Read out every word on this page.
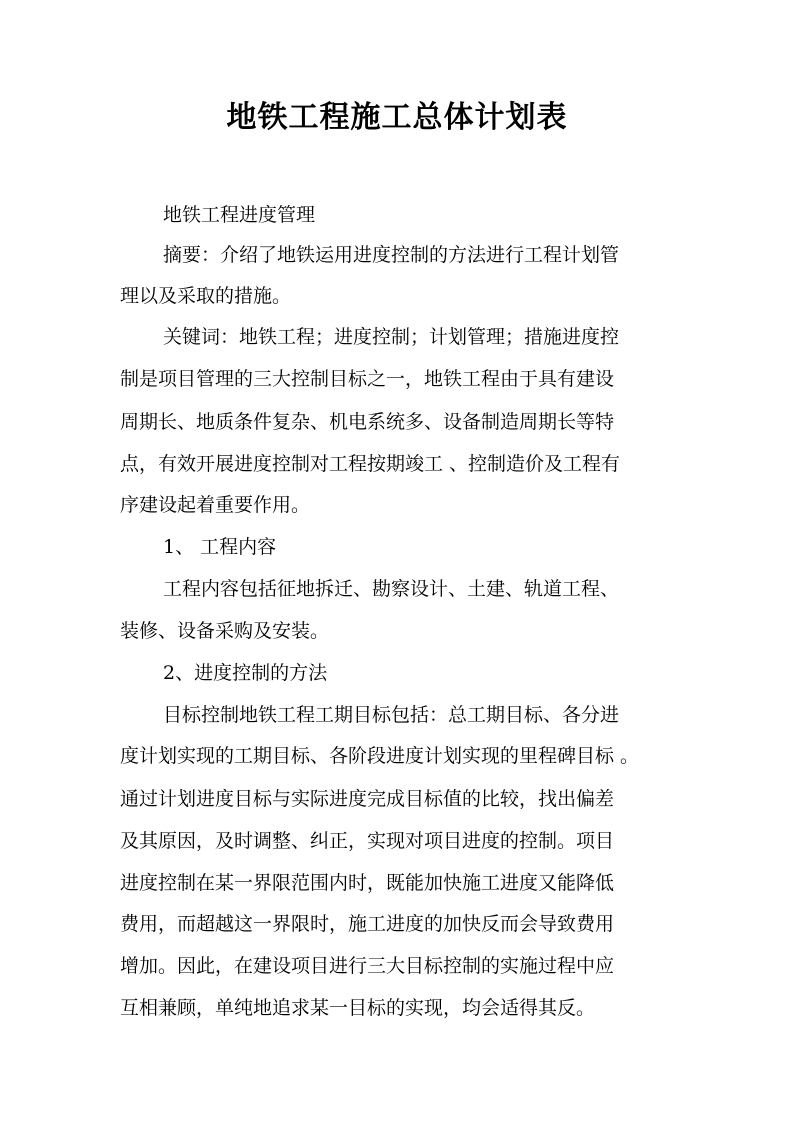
地铁工程施工总体计划表

地铁工程进度管理

摘要：介绍了地铁运用进度控制的方法进行工程计划管

理以及采取的措施。

关键词：地铁工程；进度控制；计划管理；措施进度控

制是项目管理的三大控制目标之一，地铁工程由于具有建设

周期长、地质条件复杂、机电系统多、设备制造周期长等特

点，有效开展进度控制对工程按期竣工 、控制造价及工程有

序建设起着重要作用。

1、 工程内容

工程内容包括征地拆迁、勘察设计、土建、轨道工程、

装修、设备采购及安装。

2、进度控制的方法

目标控制地铁工程工期目标包括：总工期目标、各分进

度计划实现的工期目标、各阶段进度计划实现的里程碑目标 。

通过计划进度目标与实际进度完成目标值的比较，找出偏差

及其原因，及时调整、纠正，实现对项目进度的控制。项目

进度控制在某一界限范围内时，既能加快施工进度又能降低

费用，而超越这一界限时，施工进度的加快反而会导致费用

增加。因此，在建设项目进行三大目标控制的实施过程中应

互相兼顾，单纯地追求某一目标的实现，均会适得其反。
